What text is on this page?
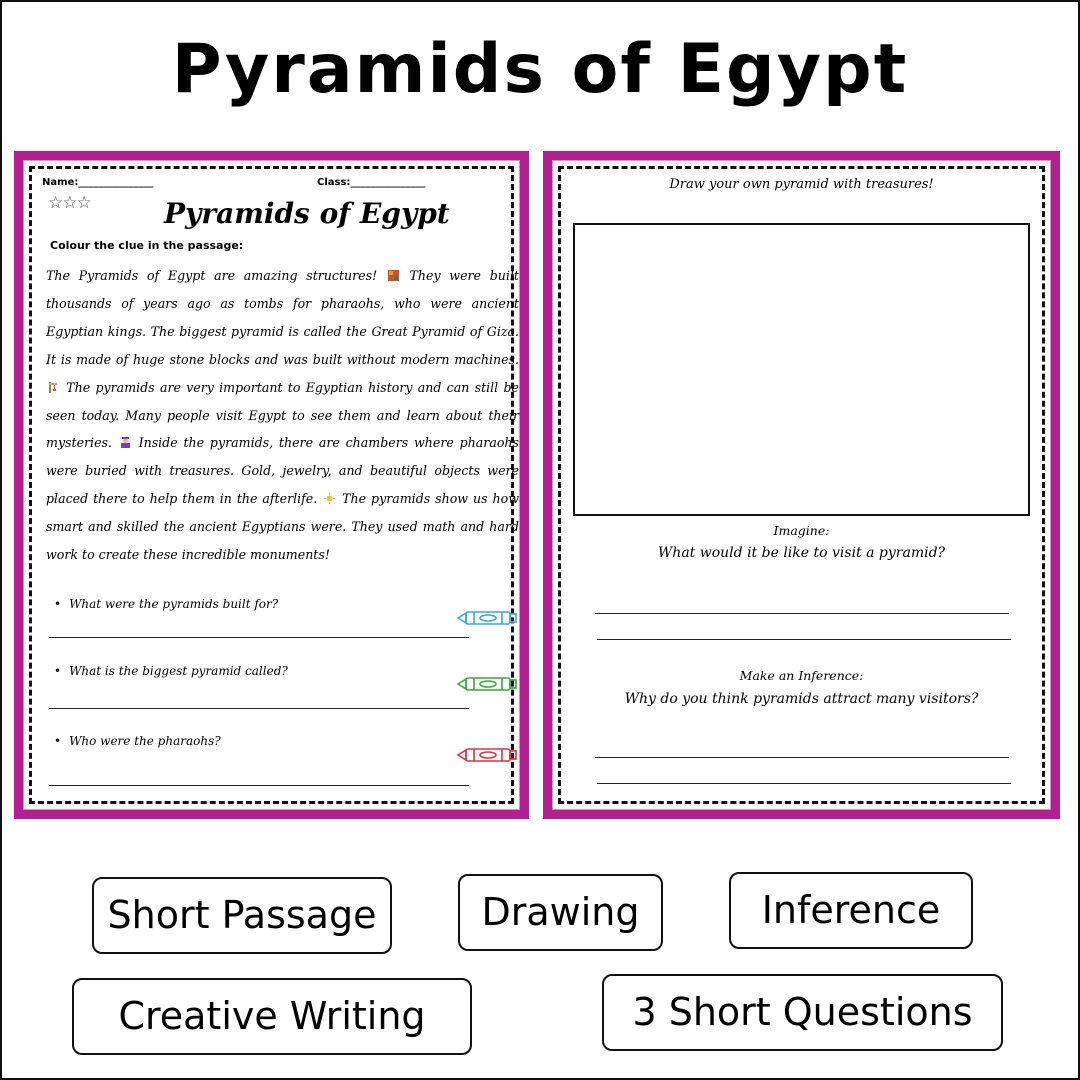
Pyramids of Egypt
Name:_______________	Class:_______________
☆☆☆	Pyramids of Egypt
Colour the clue in the passage:
The Pyramids of Egypt are amazing structures!  They were built thousands of years ago as tombs for pharaohs, who were ancient Egyptian kings. The biggest pyramid is called the Great Pyramid of Giza. It is made of huge stone blocks and was built without modern machines.  The pyramids are very important to Egyptian history and can still be seen today. Many people visit Egypt to see them and learn about their mysteries.  Inside the pyramids, there are chambers where pharaohs were buried with treasures. Gold, jewelry, and beautiful objects were placed there to help them in the afterlife.  The pyramids show us how smart and skilled the ancient Egyptians were. They used math and hard work to create these incredible monuments!
• What were the pyramids built for?
• What is the biggest pyramid called?
• Who were the pharaohs?
Draw your own pyramid with treasures!
Imagine:
What would it be like to visit a pyramid?
Make an Inference:
Why do you think pyramids attract many visitors?
Short Passage	Drawing	Inference
Creative Writing	3 Short Questions
